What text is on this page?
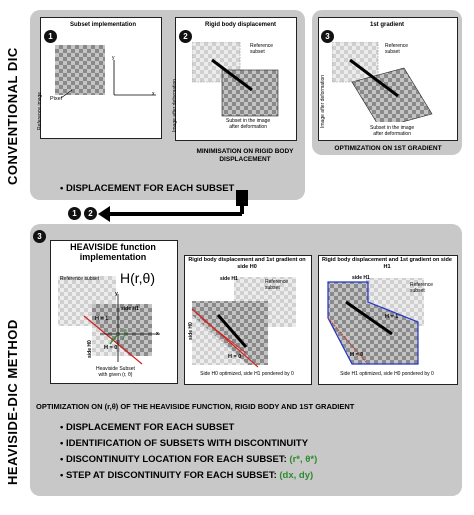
CONVENTIONAL DIC
HEAVISIDE-DIC METHOD
1
Subset implementation
y
x
Pixel
Reference image
2
Rigid body displacement
Reference
subset
Subset in the image
after deformation
Image after deformation
MINIMISATION ON RIGID BODY DISPLACEMENT
3
1st gradient
Reference
subset
Subset in the image
after deformation
Image after deformation
OPTIMIZATION ON 1ST GRADIENT
• DISPLACEMENT FOR EACH SUBSET
1	2
3
HEAVISIDE function implementation
H(r,θ)
Reference subset
side H1
H = 1
H = 0
y
x
r
θ
side H0
Heaviside Subset
with given (r, θ)
Rigid body displacement and 1st gradient on side H0
Reference
subset
side H1
side H0
H = 0
Side H0 optimized, side H1 pondered by 0
Rigid body displacement and 1st gradient on side H1
side H1
Reference
subset
H = 1
H = 0
Side H1 optimized, side H0 pondered by 0
OPTIMIZATION ON (r,θ) OF THE HEAVISIDE FUNCTION, RIGID BODY AND 1ST GRADIENT
• DISPLACEMENT FOR EACH SUBSET
• IDENTIFICATION OF SUBSETS WITH DISCONTINUITY
• DISCONTINUITY LOCATION FOR EACH SUBSET: (r*, θ*)
• STEP AT DISCONTINUITY FOR EACH SUBSET: (dx, dy)
